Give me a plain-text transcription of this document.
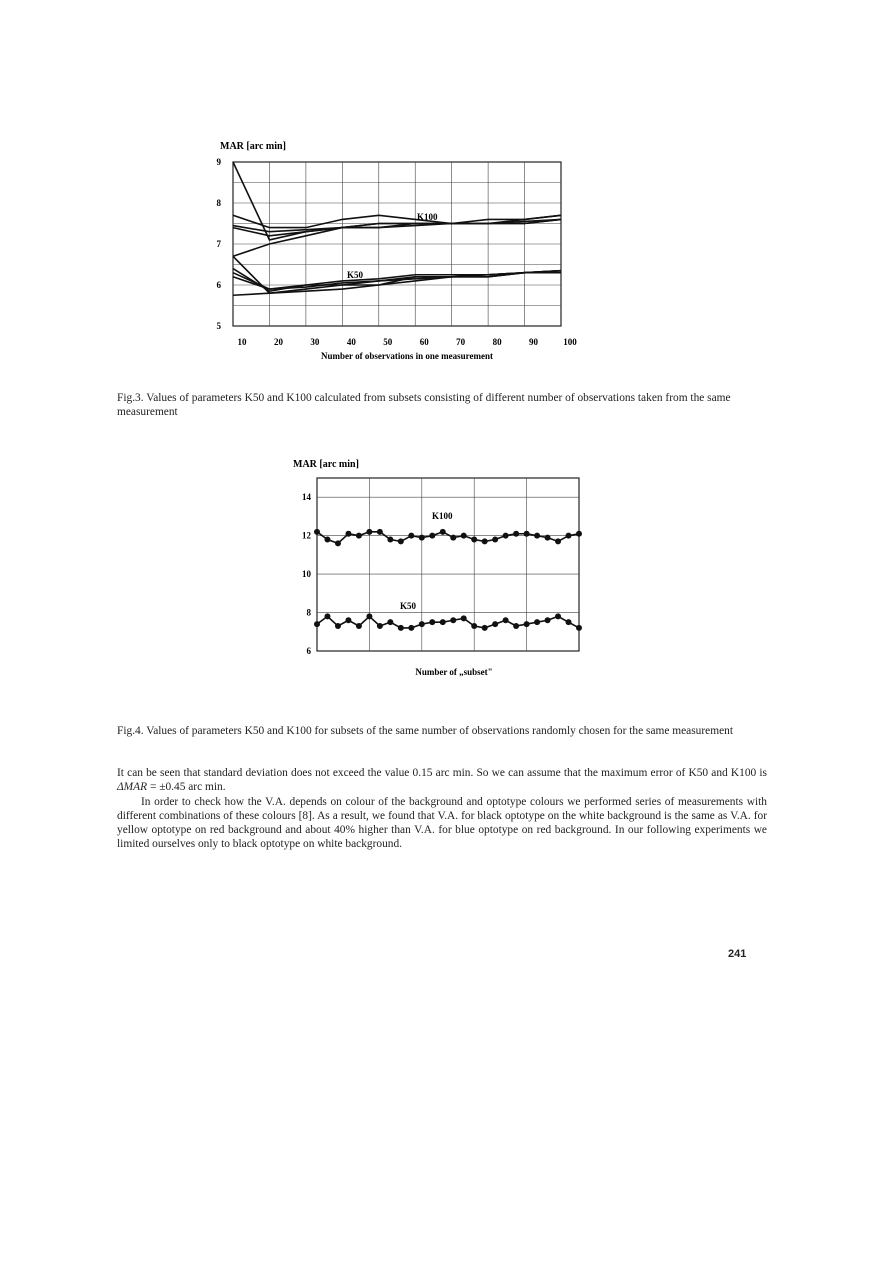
MAR [arc min]
5
6
7
8
9
10	20	30	40	50	60	70	80	90	100
K100
K50
Number of observations in one measurement

Fig.3. Values of parameters K50 and K100 calculated from subsets consisting of different number of observations taken from the same measurement

MAR [arc min]
6
8
10
12
14
K100
K50
Number of „subset"

Fig.4. Values of parameters K50 and K100 for subsets of the same number of observations randomly chosen for the same measurement

It can be seen that standard deviation does not exceed the value 0.15 arc min. So we can assume that the maximum error of K50 and K100 is ΔMAR = ±0.45 arc min.

In order to check how the V.A. depends on colour of the background and optotype colours we performed series of measurements with different combinations of these colours [8]. As a result, we found that V.A. for black optotype on the white background is the same as V.A. for yellow optotype on red background and about 40% higher than V.A. for blue optotype on red background. In our following experiments we limited ourselves only to black optotype on white background.

241
